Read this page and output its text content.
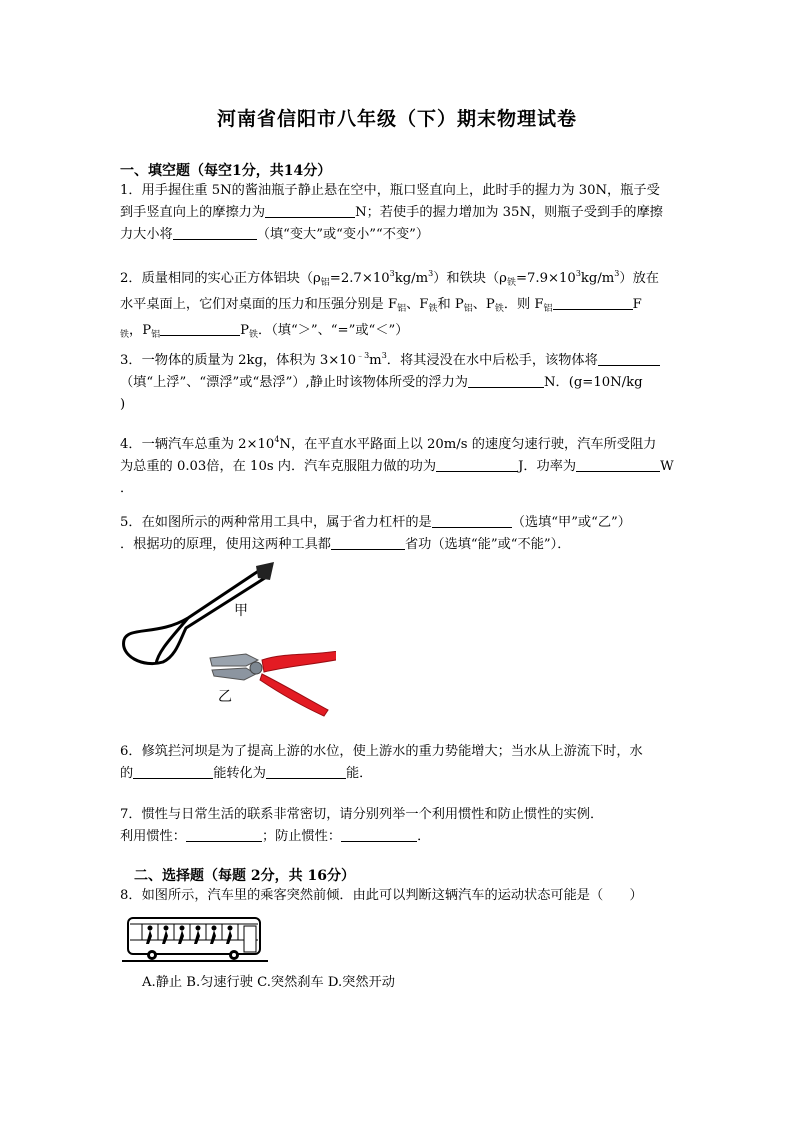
河南省信阳市八年级（下）期末物理试卷
一、填空题（每空1分，共14分）
1．用手握住重 5N的酱油瓶子静止悬在空中，瓶口竖直向上，此时手的握力为 30N，瓶子受
到手竖直向上的摩擦力为	N；若使手的握力增加为 35N，则瓶子受到手的摩擦
力大小将	（填“变大”或“变小”“不变”）
2．质量相同的实心正方体铝块$(\rho_铝=2.7\times 10^3kg/m^3)$和铁块$(\rho_铁=7.9\times 10^3kg/m^3)$放在
水平桌面上，它们对桌面的压力和压强分别是 $F_铝$、$F_铁$和 $P_铝$、$P_铁$．则 $F_铝$	F
$_铁$，$P_铝$	$P_铁$．（填“＞”、“=”或“＜”）
3．一物体的质量为 2kg，体积为 $3\times 10^{﹣3}m^3$．将其浸没在水中后松手，该物体将
（填“上浮”、“漂浮”或“悬浮”）,静止时该物体所受的浮力为	N．(g=10N/kg
)
4．一辆汽车总重为 $2\times 10^4N$，在平直水平路面上以 20m/s 的速度匀速行驶，汽车所受阻力
为总重的 0.03倍，在 10s 内．汽车克服阻力做的功为	J．功率为	W
．
5．在如图所示的两种常用工具中，属于省力杠杆的是	（选填“甲”或“乙”）
．根据功的原理，使用这两种工具都	省功（选填“能”或“不能”）．
甲
乙
6．修筑拦河坝是为了提高上游的水位，使上游水的重力势能增大；当水从上游流下时，水
的	能转化为	能．
7．惯性与日常生活的联系非常密切，请分别列举一个利用惯性和防止惯性的实例．
利用惯性：	；防止惯性：	．
二、选择题（每题 2分，共 16分）
8．如图所示，汽车里的乘客突然前倾．由此可以判断这辆汽车的运动状态可能是（　　）
A.静止 B.匀速行驶 C.突然刹车 D.突然开动
